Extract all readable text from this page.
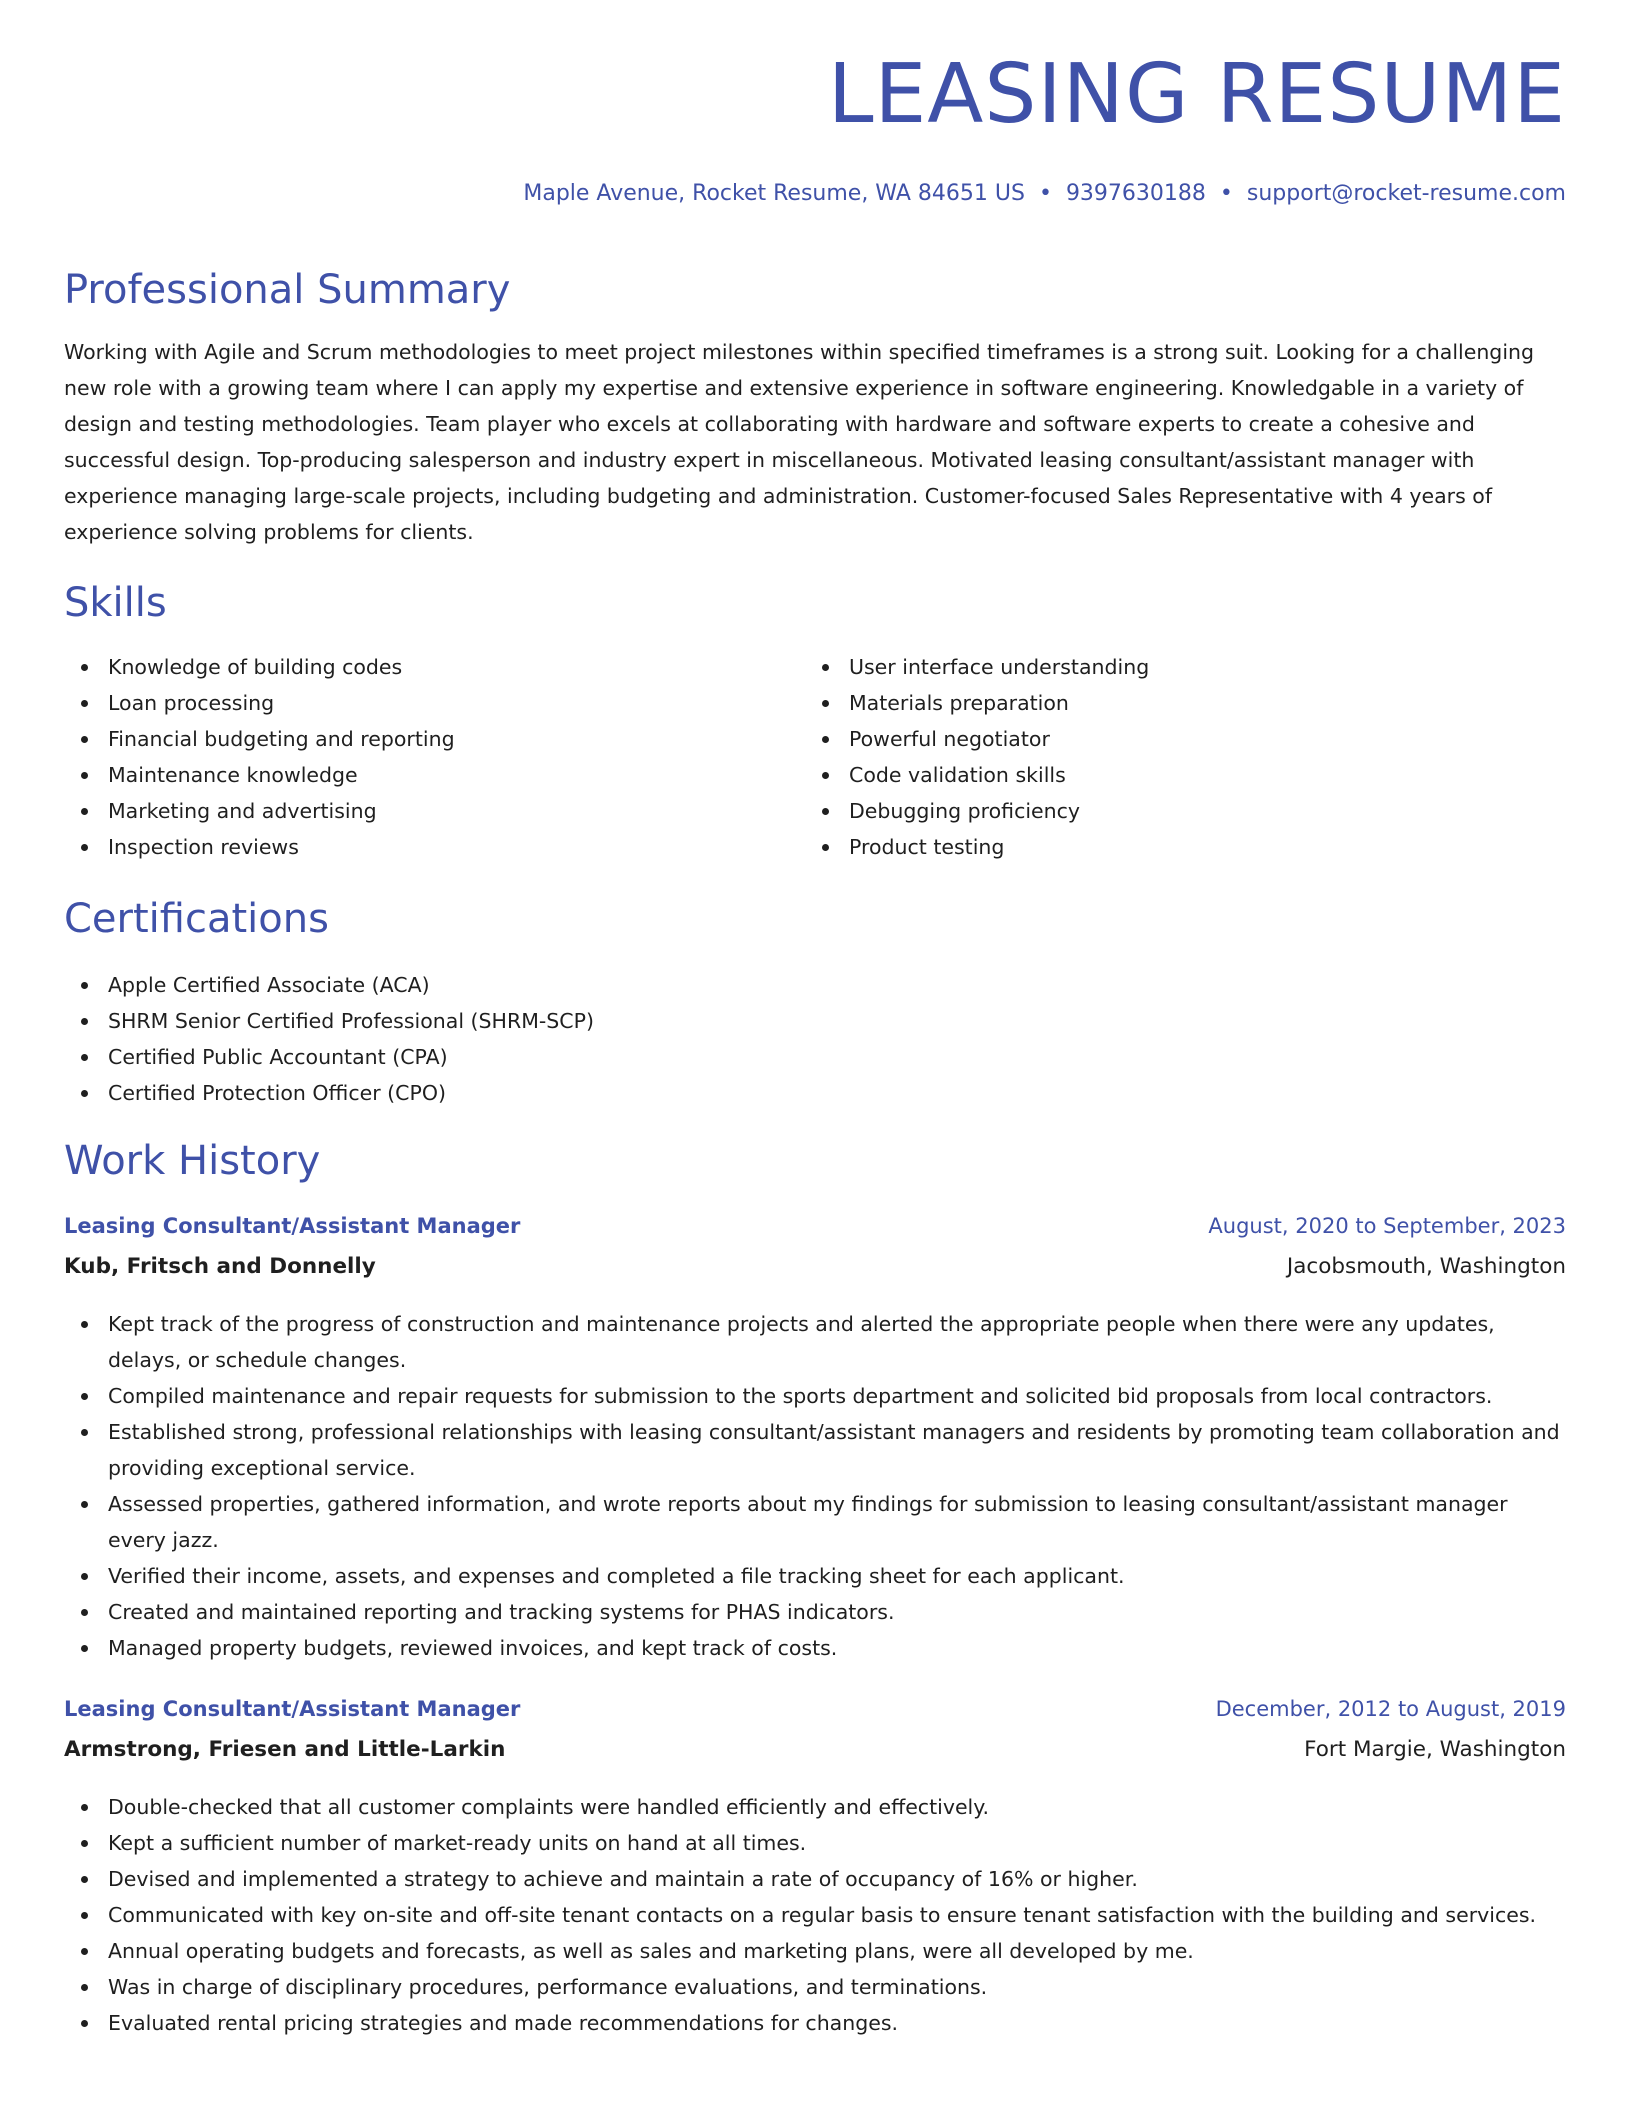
LEASING RESUME
Maple Avenue, Rocket Resume, WA 84651 US • 9397630188 • support@rocket-resume.com
Professional Summary

Working with Agile and Scrum methodologies to meet project milestones within specified timeframes is a strong suit. Looking for a challenging new role with a growing team where I can apply my expertise and extensive experience in software engineering. Knowledgable in a variety of design and testing methodologies. Team player who excels at collaborating with hardware and software experts to create a cohesive and successful design. Top-producing salesperson and industry expert in miscellaneous. Motivated leasing consultant/assistant manager with experience managing large-scale projects, including budgeting and administration. Customer-focused Sales Representative with 4 years of experience solving problems for clients.

Skills
Knowledge of building codes
Loan processing
Financial budgeting and reporting
Maintenance knowledge
Marketing and advertising
Inspection reviews
User interface understanding
Materials preparation
Powerful negotiator
Code validation skills
Debugging proficiency
Product testing
Certifications
Apple Certified Associate (ACA)
SHRM Senior Certified Professional (SHRM-SCP)
Certified Public Accountant (CPA)
Certified Protection Officer (CPO)
Work History
Leasing Consultant/Assistant Manager	August, 2020 to September, 2023
Kub, Fritsch and Donnelly	Jacobsmouth, Washington
Kept track of the progress of construction and maintenance projects and alerted the appropriate people when there were any updates, delays, or schedule changes.
Compiled maintenance and repair requests for submission to the sports department and solicited bid proposals from local contractors.
Established strong, professional relationships with leasing consultant/assistant managers and residents by promoting team collaboration and providing exceptional service.
Assessed properties, gathered information, and wrote reports about my findings for submission to leasing consultant/assistant manager every jazz.
Verified their income, assets, and expenses and completed a file tracking sheet for each applicant.
Created and maintained reporting and tracking systems for PHAS indicators.
Managed property budgets, reviewed invoices, and kept track of costs.
Leasing Consultant/Assistant Manager	December, 2012 to August, 2019
Armstrong, Friesen and Little-Larkin	Fort Margie, Washington
Double-checked that all customer complaints were handled efficiently and effectively.
Kept a sufficient number of market-ready units on hand at all times.
Devised and implemented a strategy to achieve and maintain a rate of occupancy of 16% or higher.
Communicated with key on-site and off-site tenant contacts on a regular basis to ensure tenant satisfaction with the building and services.
Annual operating budgets and forecasts, as well as sales and marketing plans, were all developed by me.
Was in charge of disciplinary procedures, performance evaluations, and terminations.
Evaluated rental pricing strategies and made recommendations for changes.
